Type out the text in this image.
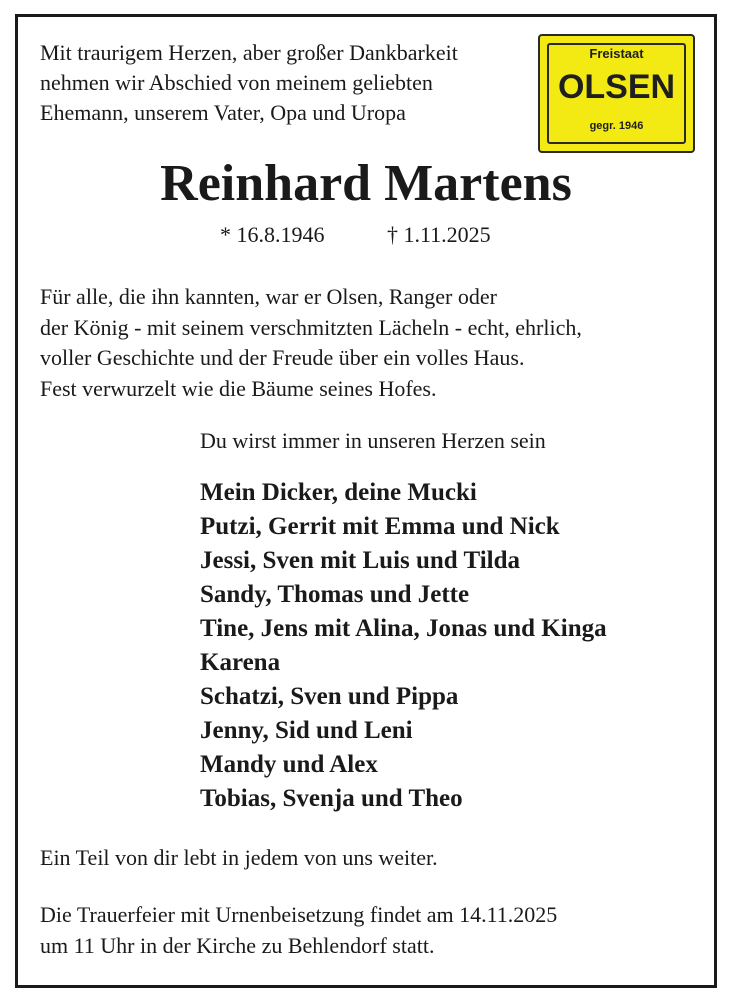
Mit traurigem Herzen, aber großer Dankbarkeit
nehmen wir Abschied von meinem geliebten
Ehemann, unserem Vater, Opa und Uropa
Freistaat
OLSEN
gegr. 1946
Reinhard Martens
* 16.8.1946	† 1.11.2025
Für alle, die ihn kannten, war er Olsen, Ranger oder
der König - mit seinem verschmitzten Lächeln - echt, ehrlich,
voller Geschichte und der Freude über ein volles Haus.
Fest verwurzelt wie die Bäume seines Hofes.
Du wirst immer in unseren Herzen sein
Mein Dicker, deine Mucki
Putzi, Gerrit mit Emma und Nick
Jessi, Sven mit Luis und Tilda
Sandy, Thomas und Jette
Tine, Jens mit Alina, Jonas und Kinga
Karena
Schatzi, Sven und Pippa
Jenny, Sid und Leni
Mandy und Alex
Tobias, Svenja und Theo
Ein Teil von dir lebt in jedem von uns weiter.
Die Trauerfeier mit Urnenbeisetzung findet am 14.11.2025
um 11 Uhr in der Kirche zu Behlendorf statt.
